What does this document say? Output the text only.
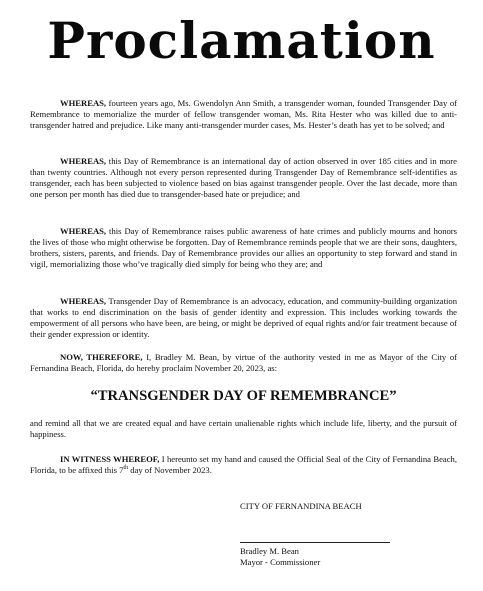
Proclamation

WHEREAS, fourteen years ago, Ms. Gwendolyn Ann Smith, a transgender woman, founded Transgender Day of Remembrance to memorialize the murder of fellow transgender woman, Ms. Rita Hester who was killed due to anti-transgender hatred and prejudice. Like many anti-transgender murder cases, Ms. Hester’s death has yet to be solved; and

WHEREAS, this Day of Remembrance is an international day of action observed in over 185 cities and in more than twenty countries. Although not every person represented during Transgender Day of Remembrance self-identifies as transgender, each has been subjected to violence based on bias against transgender people. Over the last decade, more than one person per month has died due to transgender-based hate or prejudice; and

WHEREAS, this Day of Remembrance raises public awareness of hate crimes and publicly mourns and honors the lives of those who might otherwise be forgotten. Day of Remembrance reminds people that we are their sons, daughters, brothers, sisters, parents, and friends. Day of Remembrance provides our allies an opportunity to step forward and stand in vigil, memorializing those who’ve tragically died simply for being who they are; and

WHEREAS, Transgender Day of Remembrance is an advocacy, education, and community-building organization that works to end discrimination on the basis of gender identity and expression. This includes working towards the empowerment of all persons who have been, are being, or might be deprived of equal rights and/or fair treatment because of their gender expression or identity.

NOW, THEREFORE, I, Bradley M. Bean, by virtue of the authority vested in me as Mayor of the City of Fernandina Beach, Florida, do hereby proclaim November 20, 2023, as:

“TRANSGENDER DAY OF REMEMBRANCE”
and remind all that we are created equal and have certain unalienable rights which include life, liberty, and the pursuit of happiness.

IN WITNESS WHEREOF, I hereunto set my hand and caused the Official Seal of the City of Fernandina Beach, Florida, to be affixed this 7th day of November 2023.

CITY OF FERNANDINA BEACH
Bradley M. Bean
Mayor - Commissioner
